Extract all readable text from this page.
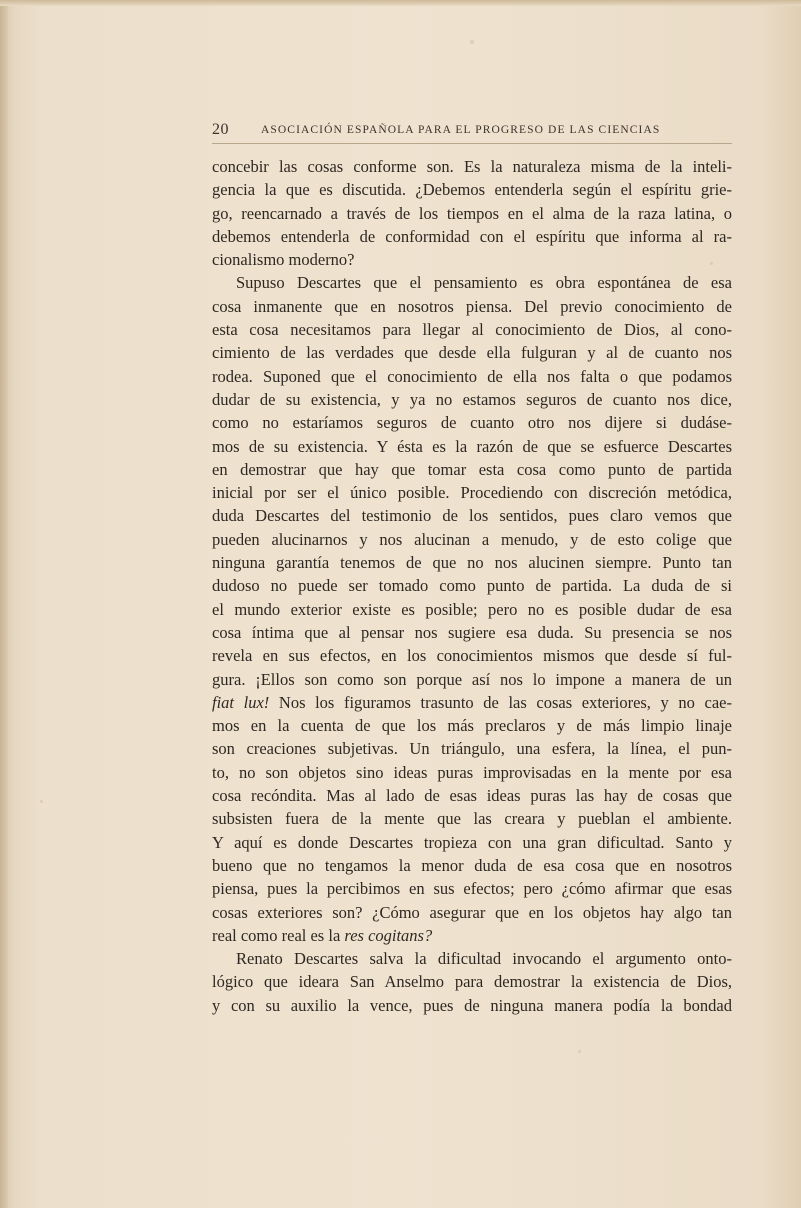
20	ASOCIACIÓN ESPAÑOLA PARA EL PROGRESO DE LAS CIENCIAS
concebir las cosas conforme son. Es la naturaleza misma de la inteli-
gencia la que es discutida. ¿Debemos entenderla según el espíritu grie-
go, reencarnado a través de los tiempos en el alma de la raza latina, o
debemos entenderla de conformidad con el espíritu que informa al ra-
cionalismo moderno?
Supuso Descartes que el pensamiento es obra espontánea de esa
cosa inmanente que en nosotros piensa. Del previo conocimiento de
esta cosa necesitamos para llegar al conocimiento de Dios, al cono-
cimiento de las verdades que desde ella fulguran y al de cuanto nos
rodea. Suponed que el conocimiento de ella nos falta o que podamos
dudar de su existencia, y ya no estamos seguros de cuanto nos dice,
como no estaríamos seguros de cuanto otro nos dijere si dudáse-
mos de su existencia. Y ésta es la razón de que se esfuerce Descartes
en demostrar que hay que tomar esta cosa como punto de partida
inicial por ser el único posible. Procediendo con discreción metódica,
duda Descartes del testimonio de los sentidos, pues claro vemos que
pueden alucinarnos y nos alucinan a menudo, y de esto colige que
ninguna garantía tenemos de que no nos alucinen siempre. Punto tan
dudoso no puede ser tomado como punto de partida. La duda de si
el mundo exterior existe es posible; pero no es posible dudar de esa
cosa íntima que al pensar nos sugiere esa duda. Su presencia se nos
revela en sus efectos, en los conocimientos mismos que desde sí ful-
gura. ¡Ellos son como son porque así nos lo impone a manera de un
fiat lux! Nos los figuramos trasunto de las cosas exteriores, y no cae-
mos en la cuenta de que los más preclaros y de más limpio linaje
son creaciones subjetivas. Un triángulo, una esfera, la línea, el pun-
to, no son objetos sino ideas puras improvisadas en la mente por esa
cosa recóndita. Mas al lado de esas ideas puras las hay de cosas que
subsisten fuera de la mente que las creara y pueblan el ambiente.
Y aquí es donde Descartes tropieza con una gran dificultad. Santo y
bueno que no tengamos la menor duda de esa cosa que en nosotros
piensa, pues la percibimos en sus efectos; pero ¿cómo afirmar que esas
cosas exteriores son? ¿Cómo asegurar que en los objetos hay algo tan
real como real es la res cogitans?
Renato Descartes salva la dificultad invocando el argumento onto-
lógico que ideara San Anselmo para demostrar la existencia de Dios,
y con su auxilio la vence, pues de ninguna manera podía la bondad
